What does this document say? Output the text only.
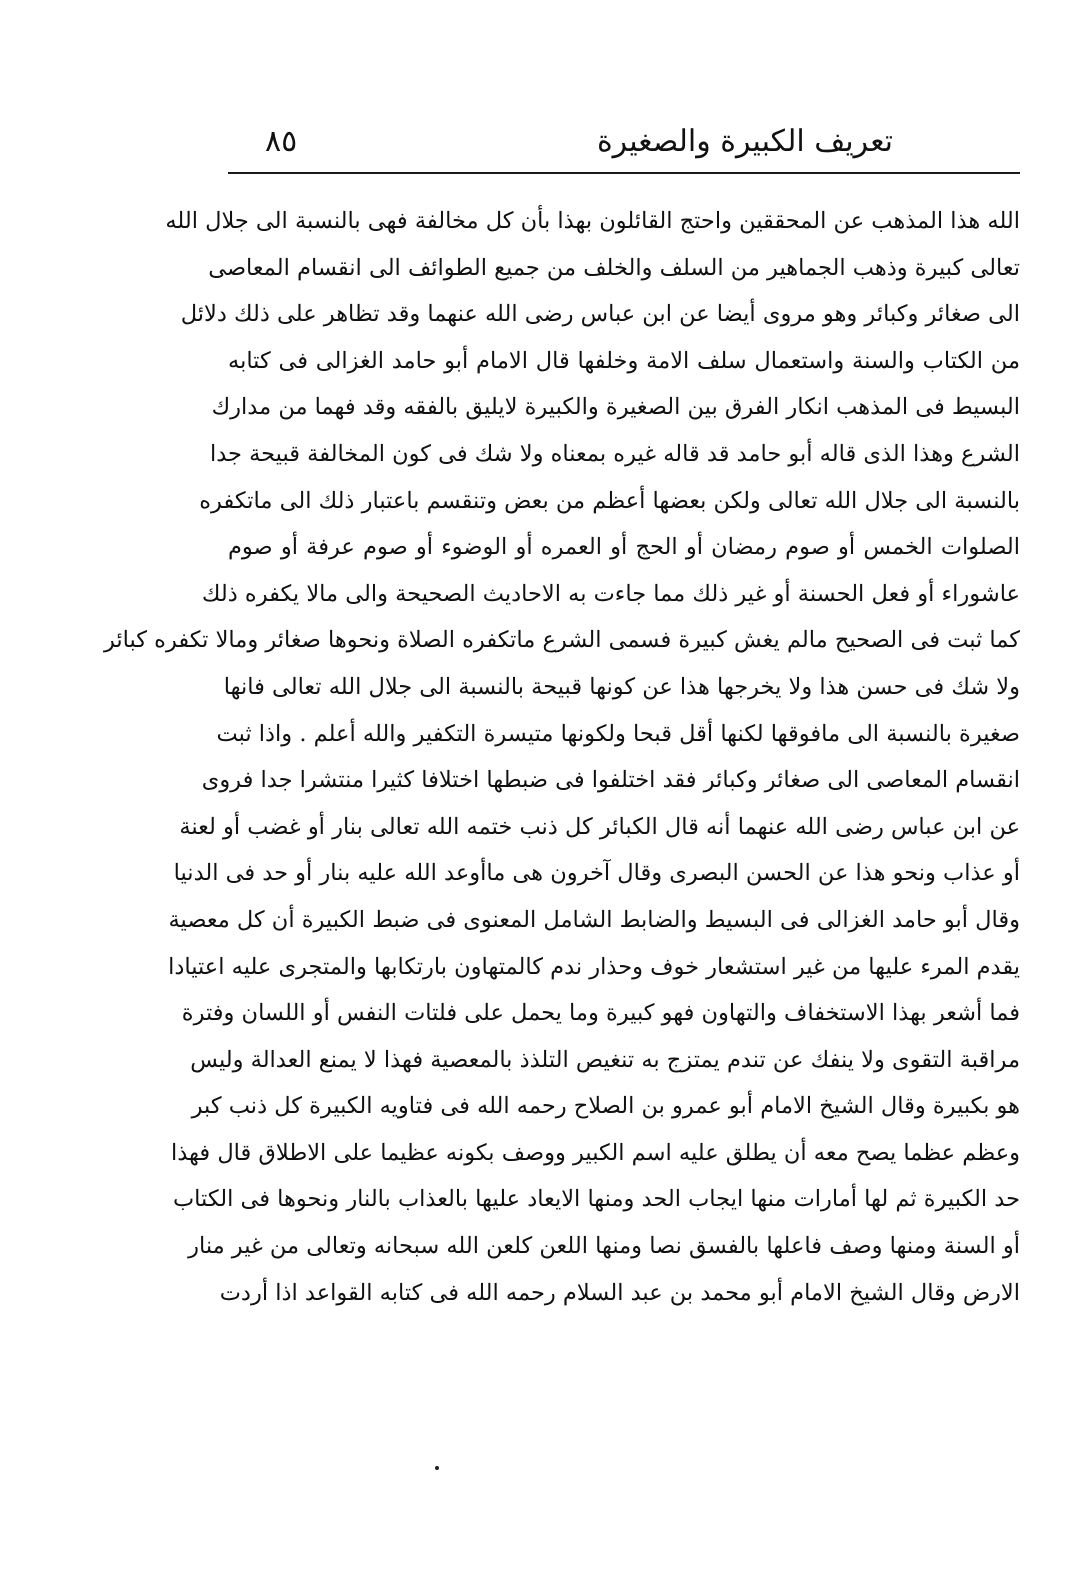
٨٥	تعريف الكبيرة والصغيرة
الله هذا المذهب عن المحققين واحتج القائلون بهذا بأن كل مخالفة فهى بالنسبة الى جلال الله
تعالى كبيرة وذهب الجماهير من السلف والخلف من جميع الطوائف الى انقسام المعاصى
الى صغائر وكبائر وهو مروى أيضا عن ابن عباس رضى الله عنهما وقد تظاهر على ذلك دلائل
من الكتاب والسنة واستعمال سلف الامة وخلفها قال الامام أبو حامد الغزالى فى كتابه
البسيط فى المذهب انكار الفرق بين الصغيرة والكبيرة لايليق بالفقه وقد فهما من مدارك
الشرع وهذا الذى قاله أبو حامد قد قاله غيره بمعناه ولا شك فى كون المخالفة قبيحة جدا
بالنسبة الى جلال الله تعالى ولكن بعضها أعظم من بعض وتنقسم باعتبار ذلك الى ماتكفره
الصلوات الخمس أو صوم رمضان أو الحج أو العمره أو الوضوء أو صوم عرفة أو صوم
عاشوراء أو فعل الحسنة أو غير ذلك مما جاءت به الاحاديث الصحيحة والى مالا يكفره ذلك
كما ثبت فى الصحيح مالم يغش كبيرة فسمى الشرع ماتكفره الصلاة ونحوها صغائر ومالا تكفره كبائر
ولا شك فى حسن هذا ولا يخرجها هذا عن كونها قبيحة بالنسبة الى جلال الله تعالى فانها
صغيرة بالنسبة الى مافوقها لكنها أقل قبحا ولكونها متيسرة التكفير والله أعلم . واذا ثبت
انقسام المعاصى الى صغائر وكبائر فقد اختلفوا فى ضبطها اختلافا كثيرا منتشرا جدا فروى
عن ابن عباس رضى الله عنهما أنه قال الكبائر كل ذنب ختمه الله تعالى بنار أو غضب أو لعنة
أو عذاب ونحو هذا عن الحسن البصرى وقال آخرون هى ماأوعد الله عليه بنار أو حد فى الدنيا
وقال أبو حامد الغزالى فى البسيط والضابط الشامل المعنوى فى ضبط الكبيرة أن كل معصية
يقدم المرء عليها من غير استشعار خوف وحذار ندم كالمتهاون بارتكابها والمتجرى عليه اعتيادا
فما أشعر بهذا الاستخفاف والتهاون فهو كبيرة وما يحمل على فلتات النفس أو اللسان وفترة
مراقبة التقوى ولا ينفك عن تندم يمتزج به تنغيص التلذذ بالمعصية فهذا لا يمنع العدالة وليس
هو بكبيرة وقال الشيخ الامام أبو عمرو بن الصلاح رحمه الله فى فتاويه الكبيرة كل ذنب كبر
وعظم عظما يصح معه أن يطلق عليه اسم الكبير ووصف بكونه عظيما على الاطلاق قال فهذا
حد الكبيرة ثم لها أمارات منها ايجاب الحد ومنها الايعاد عليها بالعذاب بالنار ونحوها فى الكتاب
أو السنة ومنها وصف فاعلها بالفسق نصا ومنها اللعن كلعن الله سبحانه وتعالى من غير منار
الارض وقال الشيخ الامام أبو محمد بن عبد السلام رحمه الله فى كتابه القواعد اذا أردت
